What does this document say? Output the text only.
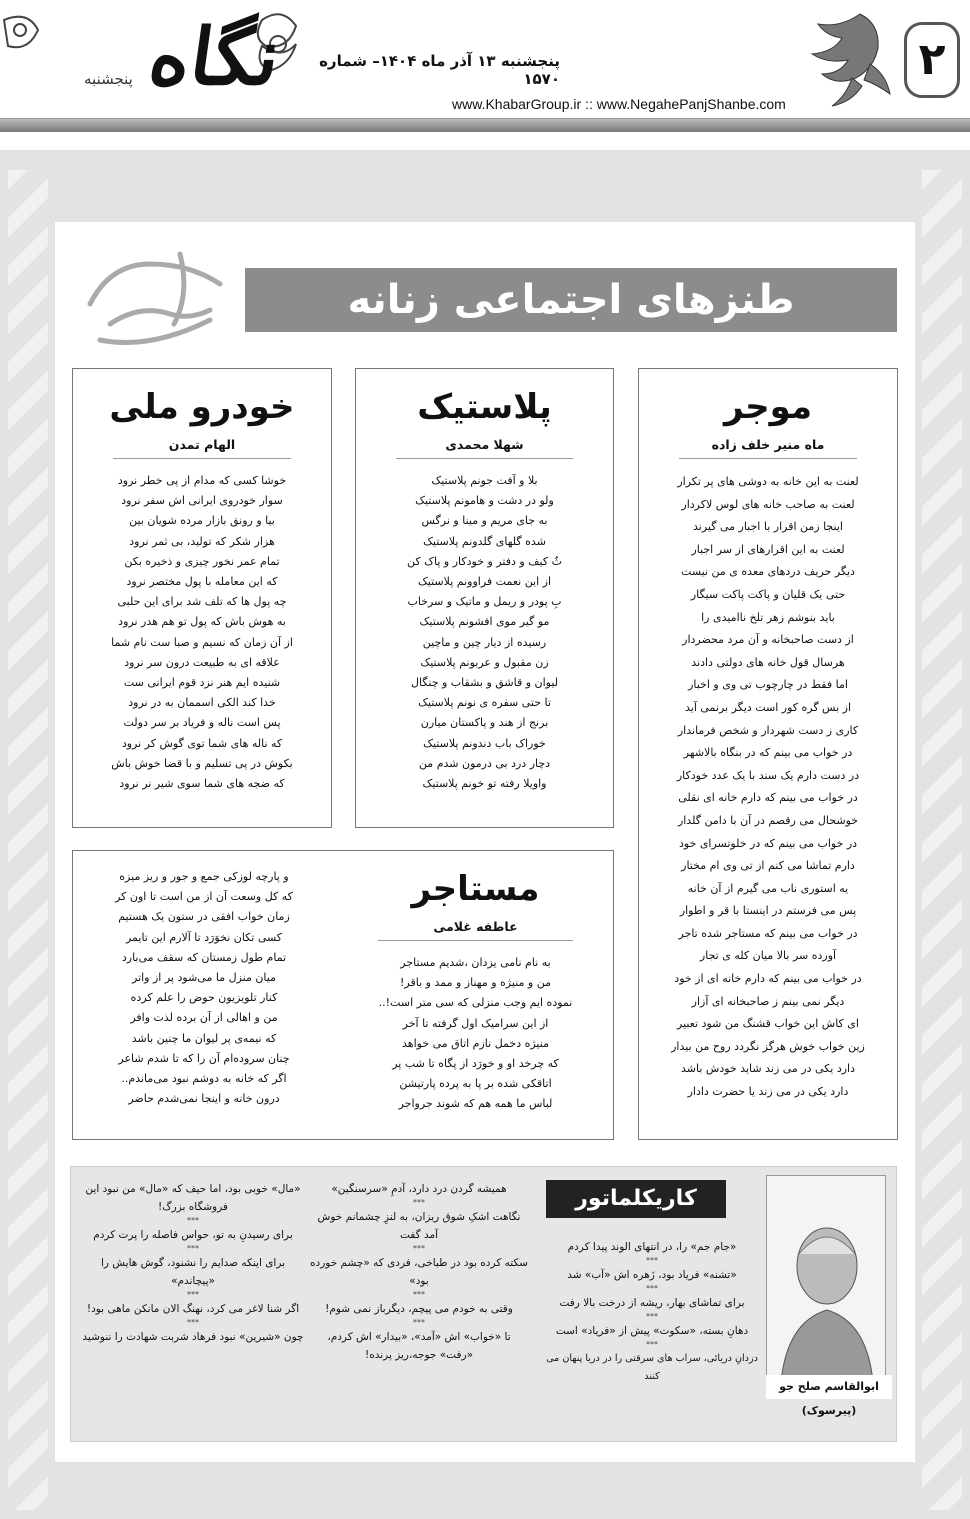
نگاه
پنجشنبه
پنجشنبه ۱۳ آذر ماه ۱۴۰۴– شماره ۱۵۷۰
www.KhabarGroup.ir :: www.NegahePanjShanbe.com
۲
طنزهای اجتماعی زنانه
موجر
ماه منیر خلف زاده
لعنت به این خانه به دوشی های پر تکرار
لعنت به صاحب خانه های لوس لاکردار
اینجا زمن اقرار با اجبار می گیرند
لعنت به این اقرارهای از سر اجبار
دیگر حریف دردهای معده ی من نیست
حتی یک قلیان و پاکت پاکت سیگار
باید بنوشم زهر تلخ ناامیدی را
از دست صاحبخانه و آن مرد محضردار
هرسال قول خانه های دولتی دادند
اما فقط در چارچوب تی وی و اخبار
از بس گره کور است دیگر برنمی آید
کاری ز دست شهردار و شخص فرماندار
در خواب می بینم که در بنگاه بالاشهر
در دست دارم یک سند با یک عدد خودکار
در خواب می بینم که دارم خانه ای نقلی
خوشحال می رقصم در آن با دامن گلدار
در خواب می بینم که در خلوتسرای خود
دارم تماشا می کنم از تی وی ام مختار
یه استوری ناب می گیرم از آن خانه
پس می فرستم در اینستا با قر و اطوار
در خواب می بینم که مستاجر شده تاجر
آورده سر بالا میان کله ی تجار
در خواب می بینم که دارم خانه ای از خود
دیگر نمی بینم ز صاحبخانه ای آزار
ای کاش این خواب قشنگ من شود تعبیر
زین خواب خوش هرگز نگردد روح من بیدار
دارد یکی در می زند شاید خودش باشد
دارد یکی در می زند یا حضرت دادار
پلاستیک
شهلا محمدی
بلا و آفت جونم پلاستیک
ولو در دشت و هامونم پلاستیک
به جای مریم و مینا و نرگس
شده گلهای گلدونم پلاستیک
ثُ کیف و دفتر و خودکار و پاک کن
از این نعمت فراوونم پلاستیک
بِ پودر و ریمل و ماتیک و سرخاب
مو گیر موی افشونم پلاستیک
رسیده از دیار چین و ماچین
زن مقبول و عربونم پلاستیک
لیوان و قاشق و بشقاب و چنگال
تا حتی سفره ی نونم پلاستیک
برنج از هند و پاکستان میارن
خوراک باب دندونم پلاستیک
دچار درد بی درمون شدم من
واویلا رفته تو خونم پلاستیک
خودرو ملی
الهام تمدن
خوشا کسی که مدام از پی خطر نرود
سوار خودروی ایرانی اش سفر نرود
بیا و رونق بازار مرده شویان بین
هزار شکر که تولید، بی ثمر نرود
تمام عمر نخور چیزی و ذخیره بکن
که این معامله با پول مختصر نرود
چه پول ها که تلف شد برای این حلبی
به هوش باش که پول تو هم هدر نرود
از آن زمان که نسیم و صبا ست نام شما
علاقه ای به طبیعت درون سر نرود
شنیده ایم هنر نزد قوم ایرانی ست
خدا کند الکی اسممان به در نرود
پس است ناله و فریاد بر سر دولت
که ناله های شما توی گوش کر نرود
بکوش در پی تسلیم و با قضا خوش باش
که ضجه های شما سوی شیر نر نرود
مستاجر
عاطفه غلامی
به نام نامی یزدان ،شدیم مستاجر
من و منیژه و مهناز و ممد و باقر!
نموده ایم وجب منزلی که سی متر است!..
از این سرامیک اول گرفته تا آخر
منیژه دخمل نازم اتاق می خواهد
که چرخد او و خورَد از پگاه تا شب پر
اتاقکی شده بر پا به پرده پارتیشن
لباس ما همه هم که شوند جرواجر
و پارچه لوزکی جمع و جور و ریز میزه
که کل وسعت آن از من است تا اون کر
زمان خواب افقی در ستون یک هستیم
کسی تکان نخوَرَد تا آلارم این تایمر
تمام طول زمستان که سقف می‌بارد
میان منزل ما می‌شود پر از واتر
کنار تلویزیون حوض را علم کرده
من و اهالی از آن برده لذت وافر
که نیمه‌ی پر لیوان ما چنین باشد
چنان سروده‌ام آن را که تا شدم شاعر
اگر که خانه به دوشم نبود می‌ماندم..
درون خانه و اینجا نمی‌شدم حاضر
ابوالقاسم صلح جو (پیرسوک)
کاریکلماتور
«جام جم» را، در انتهای الوند پیدا کردم
***
«تشنه» فریاد بود، زَهره اش «آب» شد
***
برای تماشای بهار، ریشه از درخت بالا رفت
***
دهانِ بسته، «سکوت» پیش از «فریاد» است
***
دزدانِ دریائی، سراب های سرقتی را در دریا پنهان می کنند
همیشه گردن درد دارد، آدمِ «سرسنگین»
***
نگاهت اشکِ شوق ریزان، به لنزِ چشمانم خوش آمد گفت
***
سکته کرده بود در طباخی، فردی که «چشم خورده بود»
***
وقتی به خودم می پیچم، دیگرباز نمی شوم!
***
تا «خواب» اش «آمد»، «بیدار» اش کردم، «رفت» جوجه،ریز پرنده!
«مال» خوبی بود، اما حیف که «مال» من نبود این فروشگاه بزرگ!
***
برای رسیدنِ به تو، حواس فاصله را پرت کردم
***
برای اینکه صدایم را نشنود، گوش هایش را «پیچاندم»
***
اگر شنا لاغر می کرد، نهنگ الان مانکن ماهی بود!
***
چون «شیرین» نبود فرهاد شربت شهادت را ننوشید
